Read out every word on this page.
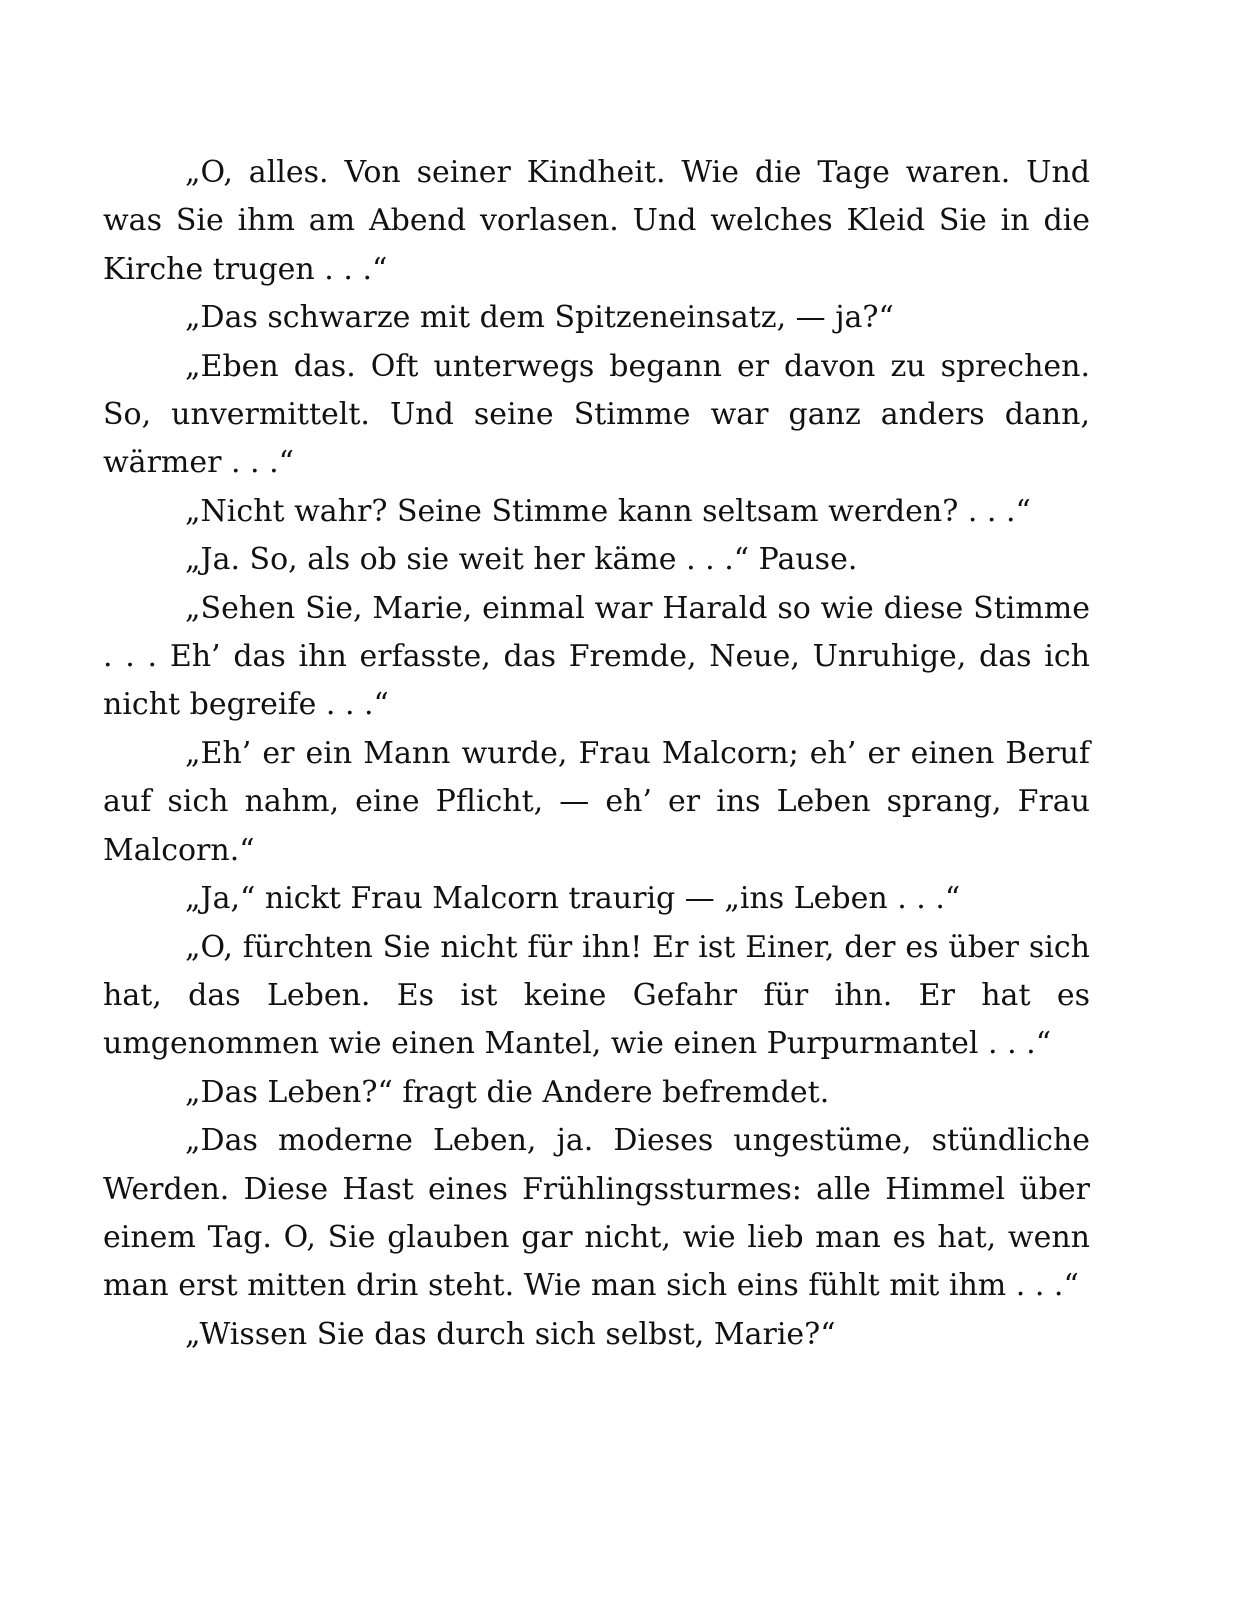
„O, alles. Von seiner Kindheit. Wie die Tage waren. Und was Sie ihm am Abend vorlasen. Und welches Kleid Sie in die Kirche trugen . . .“

„Das schwarze mit dem Spitzeneinsatz, — ja?“

„Eben das. Oft unterwegs begann er davon zu sprechen. So, unvermittelt. Und seine Stimme war ganz anders dann, wärmer . . .“

„Nicht wahr? Seine Stimme kann seltsam werden? . . .“

„Ja. So, als ob sie weit her käme . . .“ Pause.

„Sehen Sie, Marie, einmal war Harald so wie diese Stimme . . . Eh’ das ihn erfasste, das Fremde, Neue, Unruhige, das ich nicht begreife . . .“

„Eh’ er ein Mann wurde, Frau Malcorn; eh’ er einen Beruf auf sich nahm, eine Pflicht, — eh’ er ins Leben sprang, Frau Malcorn.“

„Ja,“ nickt Frau Malcorn traurig — „ins Leben . . .“

„O, fürchten Sie nicht für ihn! Er ist Einer, der es über sich hat, das Leben. Es ist keine Gefahr für ihn. Er hat es umgenommen wie einen Mantel, wie einen Purpurmantel . . .“

„Das Leben?“ fragt die Andere befremdet.

„Das moderne Leben, ja. Dieses ungestüme, stündliche Werden. Diese Hast eines Frühlingssturmes: alle Himmel über einem Tag. O, Sie glauben gar nicht, wie lieb man es hat, wenn man erst mitten drin steht. Wie man sich eins fühlt mit ihm . . .“

„Wissen Sie das durch sich selbst, Marie?“
